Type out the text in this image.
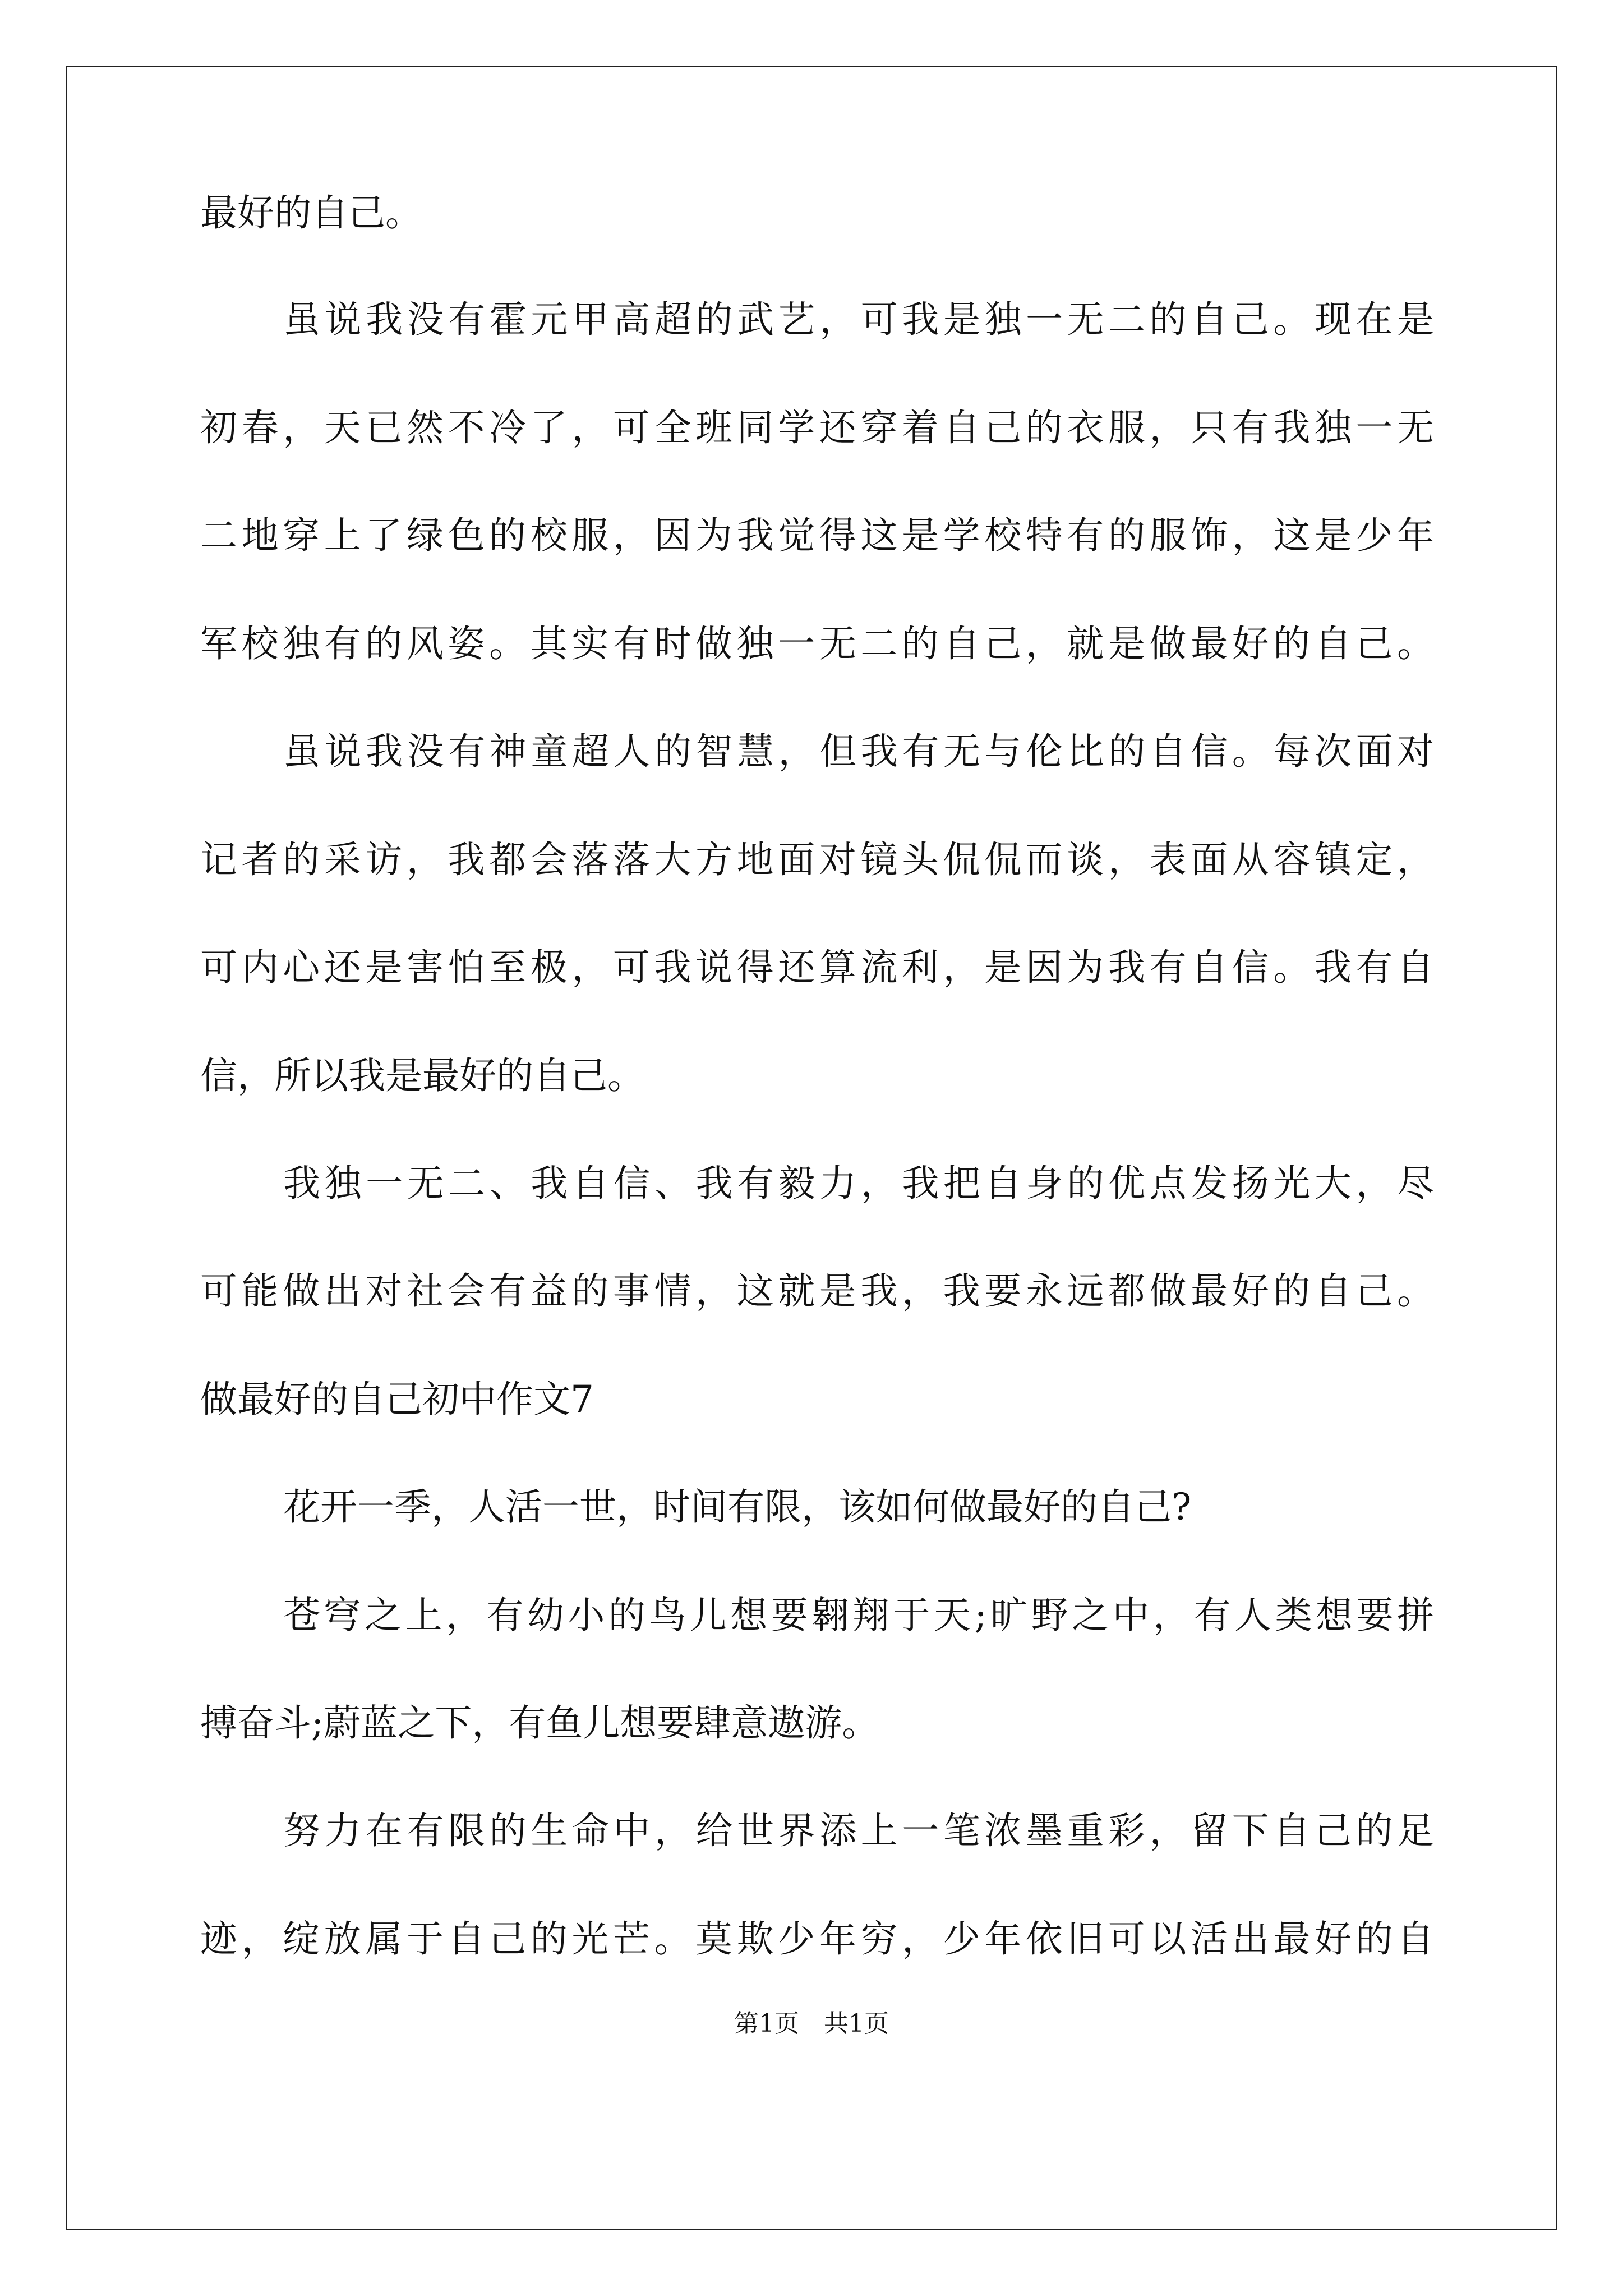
最好的自己。
虽说我没有霍元甲高超的武艺，可我是独一无二的自己。现在是
初春，天已然不冷了，可全班同学还穿着自己的衣服，只有我独一无
二地穿上了绿色的校服，因为我觉得这是学校特有的服饰，这是少年
军校独有的风姿。其实有时做独一无二的自己，就是做最好的自己。
虽说我没有神童超人的智慧，但我有无与伦比的自信。每次面对
记者的采访，我都会落落大方地面对镜头侃侃而谈，表面从容镇定，
可内心还是害怕至极，可我说得还算流利，是因为我有自信。我有自
信，所以我是最好的自己。
我独一无二、我自信、我有毅力，我把自身的优点发扬光大，尽
可能做出对社会有益的事情，这就是我，我要永远都做最好的自己。
做最好的自己初中作文7
花开一季，人活一世，时间有限，该如何做最好的自己?
苍穹之上，有幼小的鸟儿想要翱翔于天;旷野之中，有人类想要拼
搏奋斗;蔚蓝之下，有鱼儿想要肆意遨游。
努力在有限的生命中，给世界添上一笔浓墨重彩，留下自己的足
迹，绽放属于自己的光芒。莫欺少年穷，少年依旧可以活出最好的自
第1页　共1页
